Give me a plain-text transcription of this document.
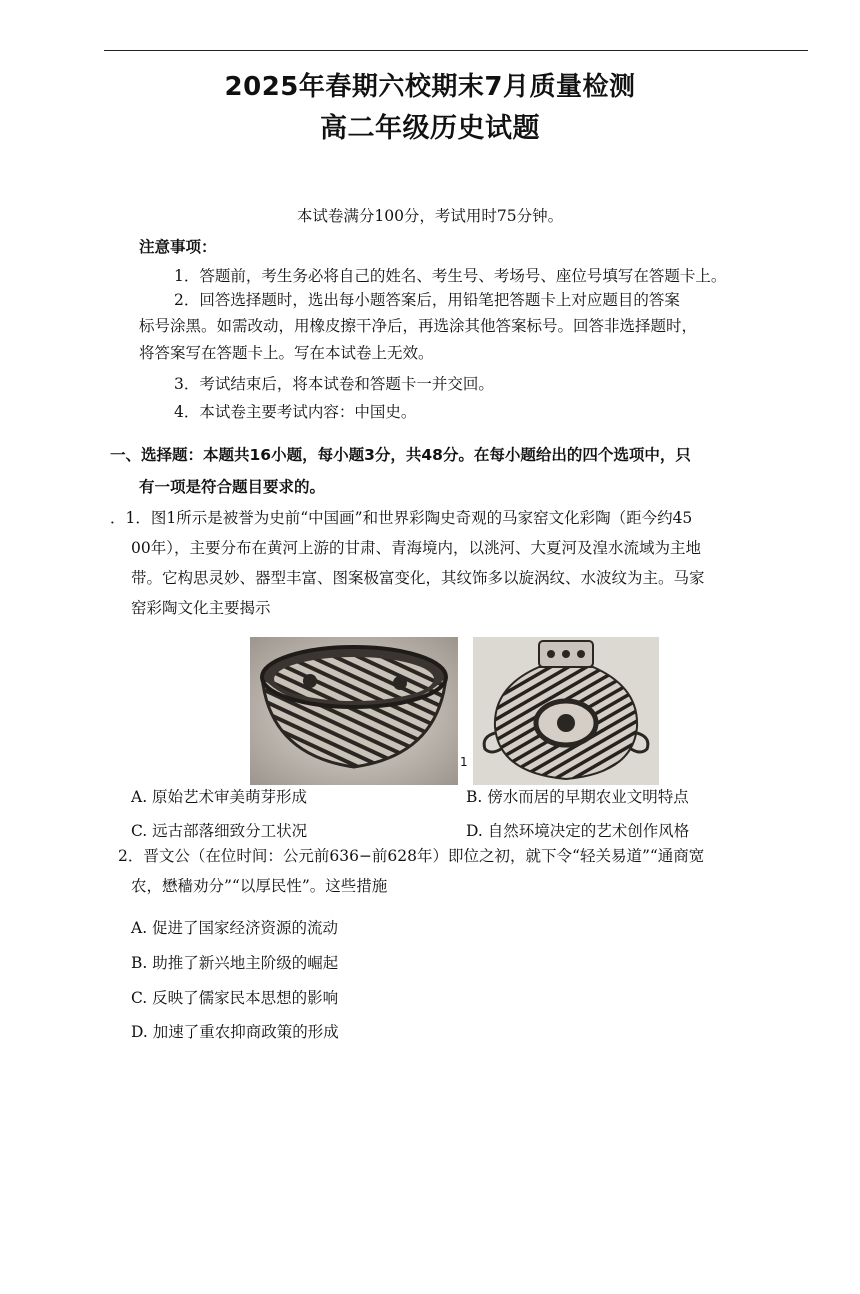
2025年春期六校期末7月质量检测
高二年级历史试题
本试卷满分100分，考试用时75分钟。
注意事项：
1．答题前，考生务必将自己的姓名、考生号、考场号、座位号填写在答题卡上。
2．回答选择题时，选出每小题答案后，用铅笔把答题卡上对应题目的答案
标号涂黑。如需改动，用橡皮擦干净后，再选涂其他答案标号。回答非选择题时，
将答案写在答题卡上。写在本试卷上无效。
3．考试结束后，将本试卷和答题卡一并交回。
4．本试卷主要考试内容：中国史。
一、选择题：本题共16小题，每小题3分，共48分。在每小题给出的四个选项中，只
有一项是符合题目要求的。
．1．图1所示是被誉为史前“中国画”和世界彩陶史奇观的马家窑文化彩陶（距今约45
00年），主要分布在黄河上游的甘肃、青海境内，以洮河、大夏河及湟水流域为主地
带。它构思灵妙、器型丰富、图案极富变化，其纹饰多以旋涡纹、水波纹为主。马家
窑彩陶文化主要揭示
1
A. 原始艺术审美萌芽形成	B. 傍水而居的早期农业文明特点
C. 远古部落细致分工状况	D. 自然环境决定的艺术创作风格
2．晋文公（在位时间：公元前636−前628年）即位之初，就下令“轻关易道”“通商宽
农，懋穑劝分”“以厚民性”。这些措施
A. 促进了国家经济资源的流动
B. 助推了新兴地主阶级的崛起
C. 反映了儒家民本思想的影响
D. 加速了重农抑商政策的形成
